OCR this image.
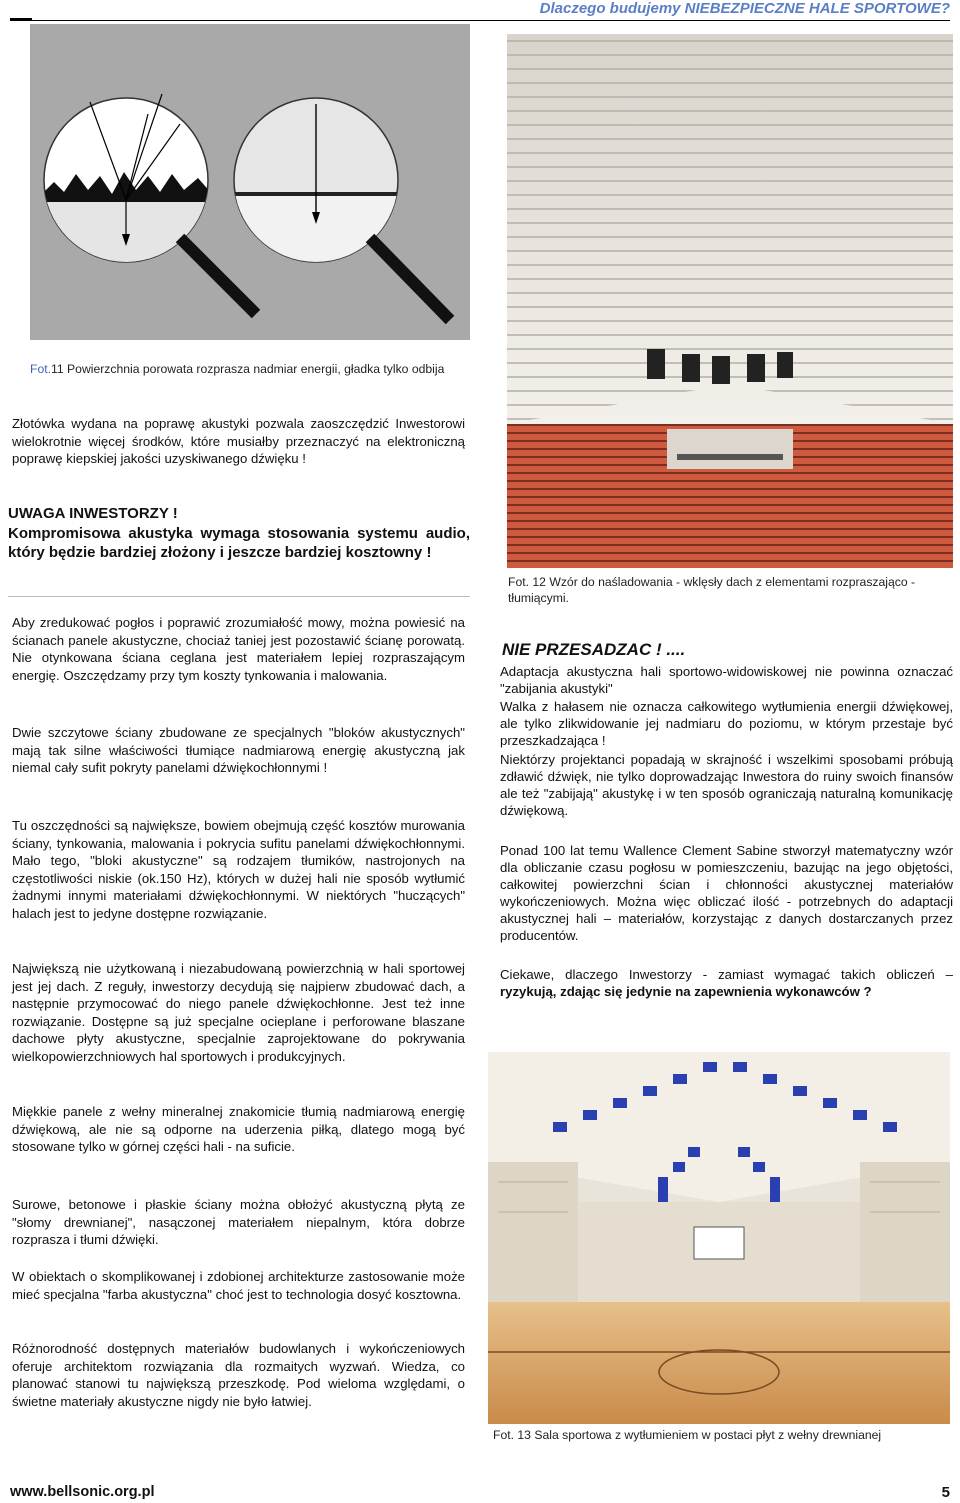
Dlaczego budujemy NIEBEZPIECZNE HALE SPORTOWE?
Fot.11 Powierzchnia porowata rozprasza nadmiar energii, gładka tylko odbija

Złotówka wydana na poprawę akustyki pozwala zaoszczędzić Inwestorowi wielokrotnie więcej środków, które musiałby przeznaczyć na elektroniczną poprawę kiepskiej jakości uzyskiwanego dźwięku !

UWAGA INWESTORZY !

Kompromisowa akustyka wymaga stosowania systemu audio, który będzie bardziej złożony i jeszcze bardziej kosztowny !

Aby zredukować pogłos i poprawić zrozumiałość mowy, można powiesić na ścianach panele akustyczne, chociaż taniej jest pozostawić ścianę porowatą. Nie otynkowana ściana ceglana jest materiałem lepiej rozpraszającym energię. Oszczędzamy przy tym koszty tynkowania i malowania.

Dwie szczytowe ściany zbudowane ze specjalnych "bloków akustycznych" mają tak silne właściwości tłumiące nadmiarową energię akustyczną jak niemal cały sufit pokryty panelami dźwiękochłonnymi !

Tu oszczędności są największe, bowiem obejmują część kosztów murowania ściany, tynkowania, malowania i pokrycia sufitu panelami dźwiękochłonnymi. Mało tego, "bloki akustyczne" są rodzajem tłumików, nastrojonych na częstotliwości niskie (ok.150 Hz), których w dużej hali nie sposób wytłumić żadnymi innymi materiałami dźwiękochłonnymi. W niektórych "huczących" halach jest to jedyne dostępne rozwiązanie.

Największą nie użytkowaną i niezabudowaną powierzchnią w hali sportowej jest jej dach. Z reguły, inwestorzy decydują się najpierw zbudować dach, a następnie przymocować do niego panele dźwiękochłonne. Jest też inne rozwiązanie. Dostępne są już specjalne ocieplane i perforowane blaszane dachowe płyty akustyczne, specjalnie zaprojektowane do pokrywania wielkopowierzchniowych hal sportowych i produkcyjnych.

Miękkie panele z wełny mineralnej znakomicie tłumią nadmiarową energię dźwiękową, ale nie są odporne na uderzenia piłką, dlatego mogą być stosowane tylko w górnej części hali - na suficie.

Surowe, betonowe i płaskie ściany można obłożyć akustyczną płytą ze "słomy drewnianej", nasączonej materiałem niepalnym, która dobrze rozprasza i tłumi dźwięki.

W obiektach o skomplikowanej i zdobionej architekturze zastosowanie może mieć specjalna "farba akustyczna" choć jest to technologia dosyć kosztowna.

Różnorodność dostępnych materiałów budowlanych i wykończeniowych oferuje architektom rozwiązania dla rozmaitych wyzwań. Wiedza, co planować stanowi tu największą przeszkodę. Pod wieloma względami, o świetne materiały akustyczne nigdy nie było łatwiej.

Fot. 12 Wzór do naśladowania - wklęsły dach z elementami rozpraszająco - tłumiącymi.
NIE PRZESADZAC ! ....

Adaptacja akustyczna hali sportowo-widowiskowej nie powinna oznaczać "zabijania akustyki"

Walka z hałasem nie oznacza całkowitego wytłumienia energii dźwiękowej, ale tylko zlikwidowanie jej nadmiaru do poziomu, w którym przestaje być przeszkadzająca !

Niektórzy projektanci popadają w skrajność i wszelkimi sposobami próbują zdławić dźwięk, nie tylko doprowadzając Inwestora do ruiny swoich finansów ale też "zabijają" akustykę i w ten sposób ograniczają naturalną komunikację dźwiękową.

Ponad 100 lat temu Wallence Clement Sabine stworzył matematyczny wzór dla obliczanie czasu pogłosu w pomieszczeniu, bazując na jego objętości, całkowitej powierzchni ścian i chłonności akustycznej materiałów wykończeniowych. Można więc obliczać ilość - potrzebnych do adaptacji akustycznej hali – materiałów, korzystając z danych dostarczanych przez producentów.

Ciekawe, dlaczego Inwestorzy - zamiast wymagać takich obliczeń – ryzykują, zdając się jedynie na zapewnienia wykonawców ?

Fot. 13 Sala sportowa z wytłumieniem w postaci płyt z wełny drewnianej
www.bellsonic.org.pl	5
